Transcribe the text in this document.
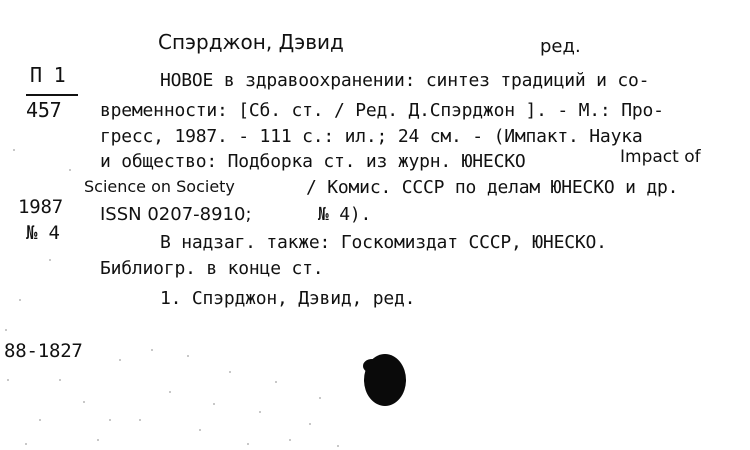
Спэрджон, Дэвид	ред.
П 1
457
1987
№ 4
НОВОЕ в здравоохранении: синтез традиций и со-
временности: [Сб. ст. / Ред. Д.Спэрджон ]. - М.: Про-
гресс, 1987. - 111 с.: ил.; 24 см. - (Импакт. Наука
и общество: Подборка ст. из журн. ЮНЕСКО	Impact of
Science on Society	/ Комис. СССР по делам ЮНЕСКО и др.
ISSN 0207-8910;	№ 4).
В надзаг. также: Госкомиздат СССР, ЮНЕСКО.
Библиогр. в конце ст.
1. Спэрджон, Дэвид, ред.
88-1827
